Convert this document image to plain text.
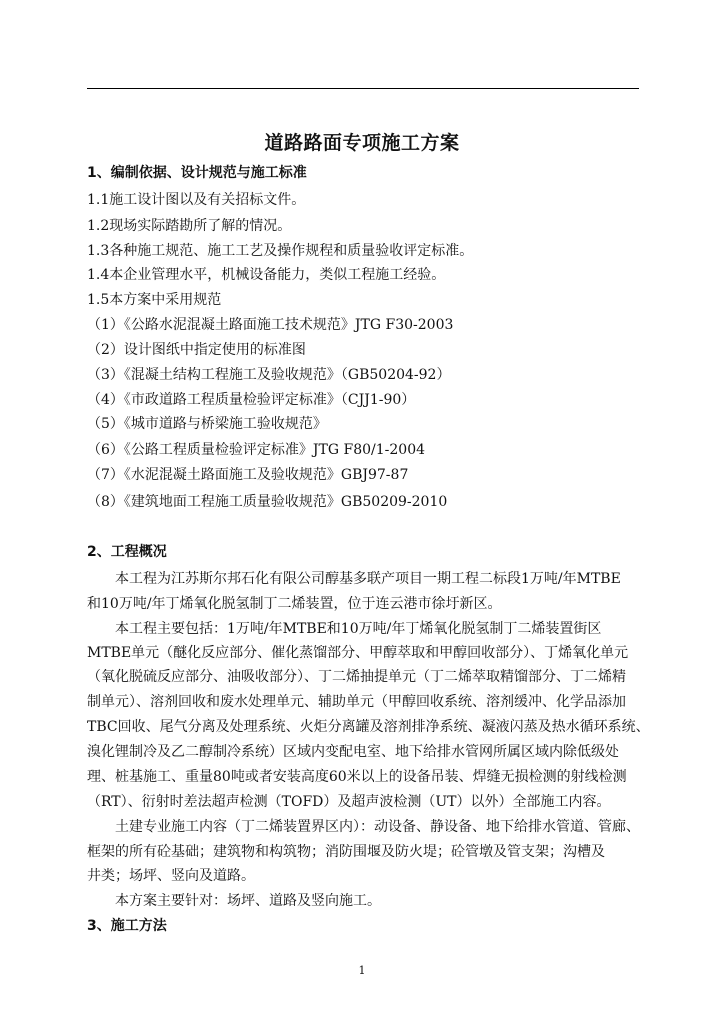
道路路面专项施工方案
1、编制依据、设计规范与施工标准
1.1施工设计图以及有关招标文件。
1.2现场实际踏勘所了解的情况。
1.3各种施工规范、施工工艺及操作规程和质量验收评定标准。
1.4本企业管理水平，机械设备能力，类似工程施工经验。
1.5本方案中采用规范
（1）《公路水泥混凝土路面施工技术规范》JTG F30-2003
（2）设计图纸中指定使用的标准图
（3）《混凝土结构工程施工及验收规范》（GB50204-92）
（4）《市政道路工程质量检验评定标准》（CJJ1-90）
（5）《城市道路与桥梁施工验收规范》
（6）《公路工程质量检验评定标准》JTG F80/1-2004
（7）《水泥混凝土路面施工及验收规范》GBJ97-87
（8）《建筑地面工程施工质量验收规范》GB50209-2010
2、工程概况
本工程为江苏斯尔邦石化有限公司醇基多联产项目一期工程二标段1万吨/年MTBE
和10万吨/年丁烯氧化脱氢制丁二烯装置，位于连云港市徐圩新区。
本工程主要包括：1万吨/年MTBE和10万吨/年丁烯氧化脱氢制丁二烯装置街区
MTBE单元（醚化反应部分、催化蒸馏部分、甲醇萃取和甲醇回收部分）、丁烯氧化单元
（氧化脱硫反应部分、油吸收部分）、丁二烯抽提单元（丁二烯萃取精馏部分、丁二烯精
制单元）、溶剂回收和废水处理单元、辅助单元（甲醇回收系统、溶剂缓冲、化学品添加
TBC回收、尾气分离及处理系统、火炬分离罐及溶剂排净系统、凝液闪蒸及热水循环系统、
溴化锂制冷及乙二醇制冷系统）区域内变配电室、地下给排水管网所属区域内除低级处
理、桩基施工、重量80吨或者安装高度60米以上的设备吊装、焊缝无损检测的射线检测
（RT）、衍射时差法超声检测（TOFD）及超声波检测（UT）以外）全部施工内容。
土建专业施工内容（丁二烯装置界区内）：动设备、静设备、地下给排水管道、管廊、
框架的所有砼基础；建筑物和构筑物；消防围堰及防火堤；砼管墩及管支架；沟槽及
井类；场坪、竖向及道路。
本方案主要针对：场坪、道路及竖向施工。
3、施工方法
1
